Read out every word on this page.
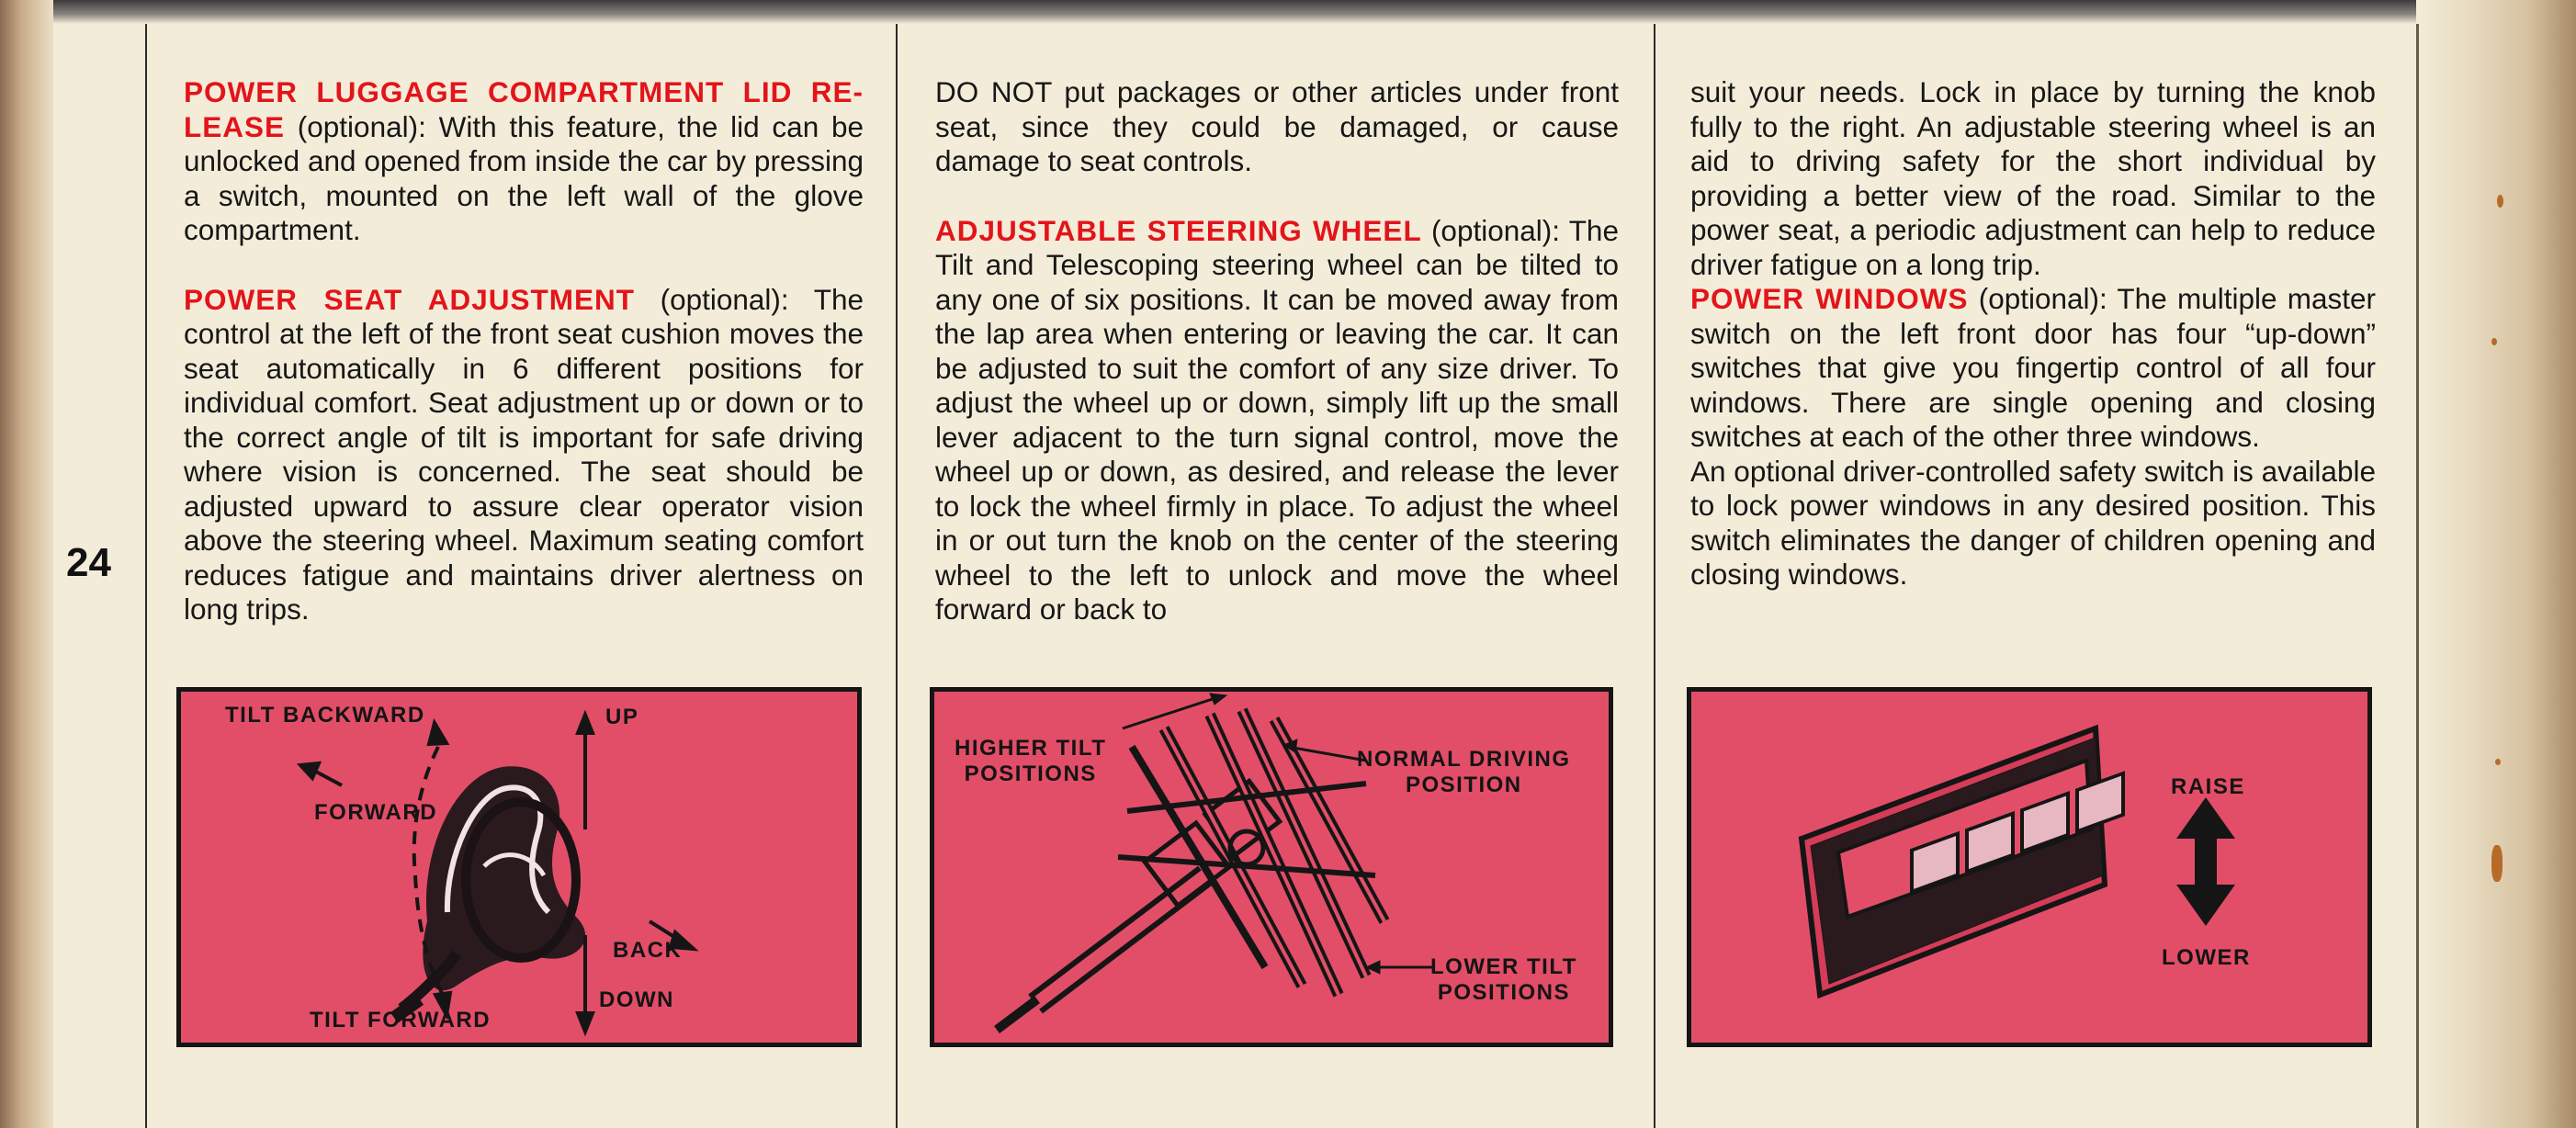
24

POWER LUGGAGE COMPARTMENT LID RE-LEASE (optional): With this feature, the lid can be unlocked and opened from inside the car by pressing a switch, mounted on the left wall of the glove compartment.

POWER SEAT ADJUSTMENT (optional): The control at the left of the front seat cushion moves the seat automatically in 6 different positions for individual comfort. Seat adjustment up or down or to the correct angle of tilt is important for safe driving where vision is concerned. The seat should be adjusted upward to assure clear operator vision above the steering wheel. Maximum seating comfort reduces fatigue and maintains driver alertness on long trips.

TILT BACKWARD	UP
FORWARD
BACK
DOWN
TILT FORWARD

DO NOT put packages or other articles under front seat, since they could be damaged, or cause damage to seat controls.

ADJUSTABLE STEERING WHEEL (optional): The Tilt and Telescoping steering wheel can be tilted to any one of six positions. It can be moved away from the lap area when entering or leaving the car. It can be adjusted to suit the comfort of any size driver. To adjust the wheel up or down, simply lift up the small lever adjacent to the turn signal control, move the wheel up or down, as desired, and release the lever to lock the wheel firmly in place. To adjust the wheel in or out turn the knob on the center of the steering wheel to the left to unlock and move the wheel forward or back to

HIGHER TILT
POSITIONS
NORMAL DRIVING
POSITION
LOWER TILT
POSITIONS

suit your needs. Lock in place by turning the knob fully to the right. An adjustable steering wheel is an aid to driving safety for the short individual by providing a better view of the road. Similar to the power seat, a periodic adjustment can help to reduce driver fatigue on a long trip.

POWER WINDOWS (optional): The multiple master switch on the left front door has four “up-down” switches that give you fingertip control of all four windows. There are single opening and closing switches at each of the other three windows.

An optional driver-controlled safety switch is available to lock power windows in any desired position. This switch eliminates the danger of children opening and closing windows.

RAISE
LOWER
